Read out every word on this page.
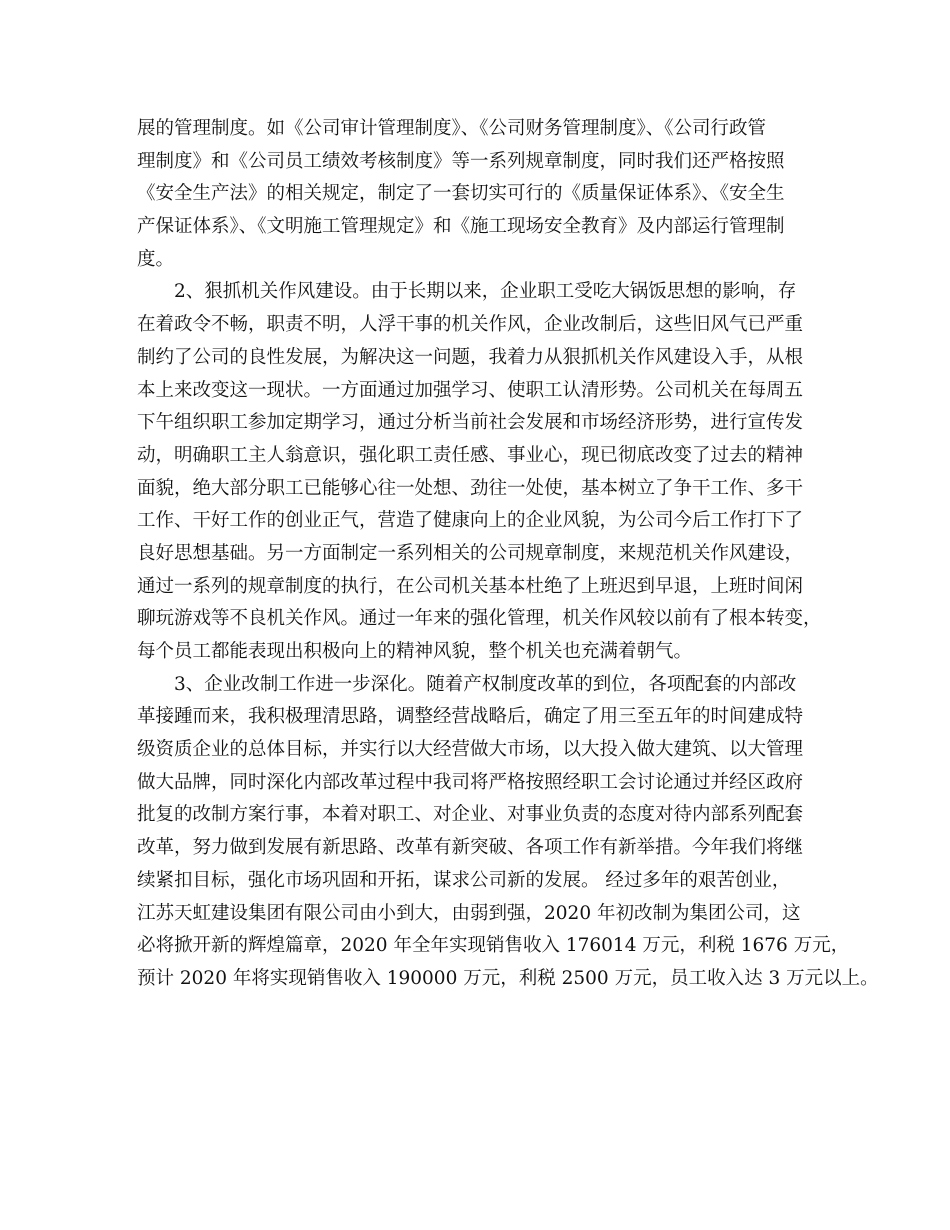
展的管理制度。如《公司审计管理制度》、《公司财务管理制度》、《公司行政管
理制度》和《公司员工绩效考核制度》等一系列规章制度，同时我们还严格按照
《安全生产法》的相关规定，制定了一套切实可行的《质量保证体系》、《安全生
产保证体系》、《文明施工管理规定》和《施工现场安全教育》及内部运行管理制
度。
　　2、狠抓机关作风建设。由于长期以来，企业职工受吃大锅饭思想的影响，存
在着政令不畅，职责不明，人浮干事的机关作风，企业改制后，这些旧风气已严重
制约了公司的良性发展，为解决这一问题，我着力从狠抓机关作风建设入手，从根
本上来改变这一现状。一方面通过加强学习、使职工认清形势。公司机关在每周五
下午组织职工参加定期学习，通过分析当前社会发展和市场经济形势，进行宣传发
动，明确职工主人翁意识，强化职工责任感、事业心，现已彻底改变了过去的精神
面貌，绝大部分职工已能够心往一处想、劲往一处使，基本树立了争干工作、多干
工作、干好工作的创业正气，营造了健康向上的企业风貌，为公司今后工作打下了
良好思想基础。另一方面制定一系列相关的公司规章制度，来规范机关作风建设，
通过一系列的规章制度的执行，在公司机关基本杜绝了上班迟到早退，上班时间闲
聊玩游戏等不良机关作风。通过一年来的强化管理，机关作风较以前有了根本转变，
每个员工都能表现出积极向上的精神风貌，整个机关也充满着朝气。
　　3、企业改制工作进一步深化。随着产权制度改革的到位，各项配套的内部改
革接踵而来，我积极理清思路，调整经营战略后，确定了用三至五年的时间建成特
级资质企业的总体目标，并实行以大经营做大市场，以大投入做大建筑、以大管理
做大品牌，同时深化内部改革过程中我司将严格按照经职工会讨论通过并经区政府
批复的改制方案行事，本着对职工、对企业、对事业负责的态度对待内部系列配套
改革，努力做到发展有新思路、改革有新突破、各项工作有新举措。今年我们将继
续紧扣目标，强化市场巩固和开拓，谋求公司新的发展。 经过多年的艰苦创业，
江苏天虹建设集团有限公司由小到大，由弱到强，2020 年初改制为集团公司，这
必将掀开新的辉煌篇章，2020 年全年实现销售收入 176014 万元，利税 1676 万元，
预计 2020 年将实现销售收入 190000 万元，利税 2500 万元，员工收入达 3 万元以上。
